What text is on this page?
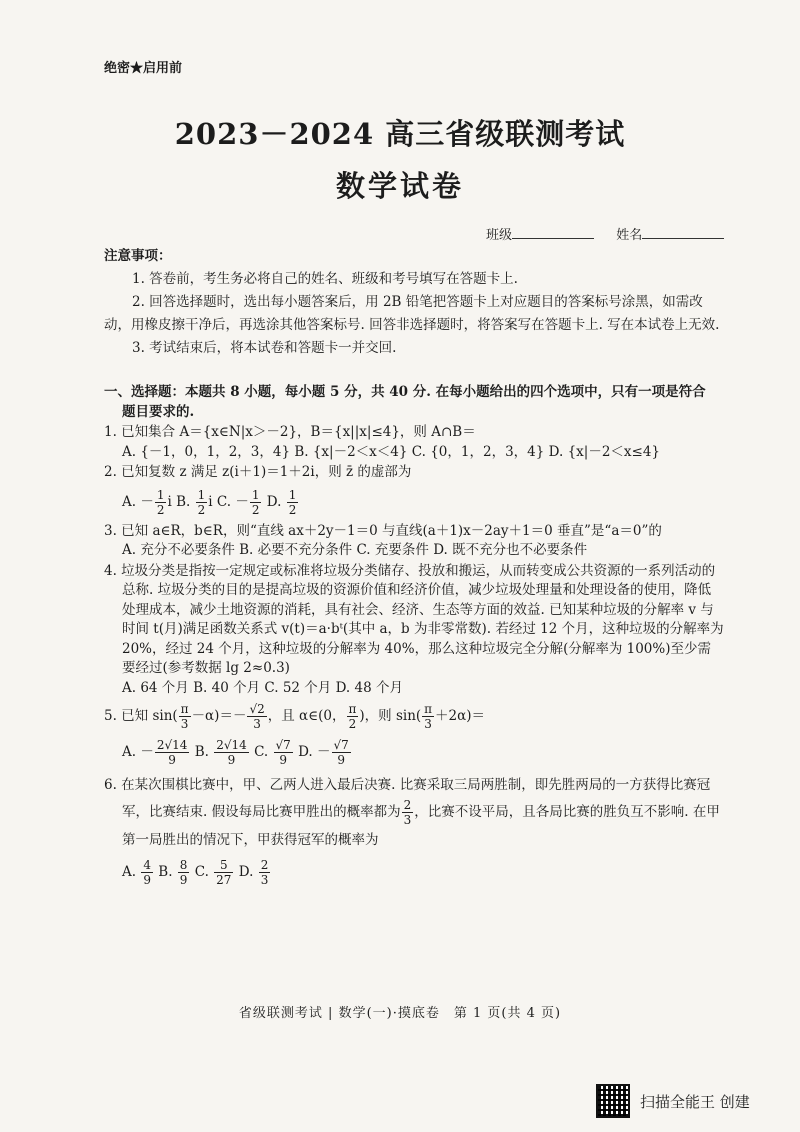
绝密★启用前
2023－2024 高三省级联测考试
数学试卷
班级	姓名
注意事项：
1. 答卷前，考生务必将自己的姓名、班级和考号填写在答题卡上.
2. 回答选择题时，选出每小题答案后，用 2B 铅笔把答题卡上对应题目的答案标号涂黑，如需改动，用橡皮擦干净后，再选涂其他答案标号. 回答非选择题时，将答案写在答题卡上. 写在本试卷上无效.
3. 考试结束后，将本试卷和答题卡一并交回.
一、选择题：本题共 8 小题，每小题 5 分，共 40 分. 在每小题给出的四个选项中，只有一项是符合
题目要求的.
1. 已知集合 A＝{x∈N|x＞－2}，B＝{x||x|≤4}，则 A∩B＝
A. {－1，0，1，2，3，4} B. {x|－2＜x＜4} C. {0，1，2，3，4} D. {x|－2＜x≤4}
2. 已知复数 z 满足 z(i＋1)＝1＋2i，则 z̄ 的虚部为
A. － $\frac{1}{2}$ i B. $\frac{1}{2}$ i C. － $\frac{1}{2} D$. $\frac{1}{2}$
3. 已知 a∈R，b∈R，则“直线 ax＋2y－1＝0 与直线(a＋1)x－2ay＋1＝0 垂直”是“a＝0”的
A. 充分不必要条件 B. 必要不充分条件 C. 充要条件 D. 既不充分也不必要条件
4. 垃圾分类是指按一定规定或标准将垃圾分类储存、投放和搬运，从而转变成公共资源的一系列活动的总称. 垃圾分类的目的是提高垃圾的资源价值和经济价值，减少垃圾处理量和处理设备的使用，降低处理成本，减少土地资源的消耗，具有社会、经济、生态等方面的效益. 已知某种垃圾的分解率 v 与时间 t(月)满足函数关系式 v(t)＝a·bᵗ(其中 a，b 为非零常数). 若经过 12 个月，这种垃圾的分解率为 20%，经过 24 个月，这种垃圾的分解率为 40%，那么这种垃圾完全分解(分解率为 100%)至少需要经过(参考数据 lg 2≈0.3)
A. 64 个月 B. 40 个月 C. 52 个月 D. 48 个月
5. 已知 $\sin( \frac{\pi}{3} -\alpha)=- \frac{√2}{3}$ ，且 α∈(0， $\frac{\pi}{2}$ )，则 $\sin( \frac{\pi}{3} +2\alpha)=$
A. － $\frac{2√14}{9} B$. $\frac{2√14}{9} C$. $\frac{√7}{9} D$. － $\frac{√7}{9}$
6. 在某次围棋比赛中，甲、乙两人进入最后决赛. 比赛采取三局两胜制，即先胜两局的一方获得比赛冠军，比赛结束. 假设每局比赛甲胜出的概率都为 $\frac{2}{3}$ ，比赛不设平局，且各局比赛的胜负互不影响. 在甲第一局胜出的情况下，甲获得冠军的概率为
A. $\frac{4}{9} B$. $\frac{8}{9} C$. $\frac{5}{27} D$. $\frac{2}{3}$
省级联测考试 | 数学(一)·摸底卷　第 1 页(共 4 页)
扫描全能王 创建
